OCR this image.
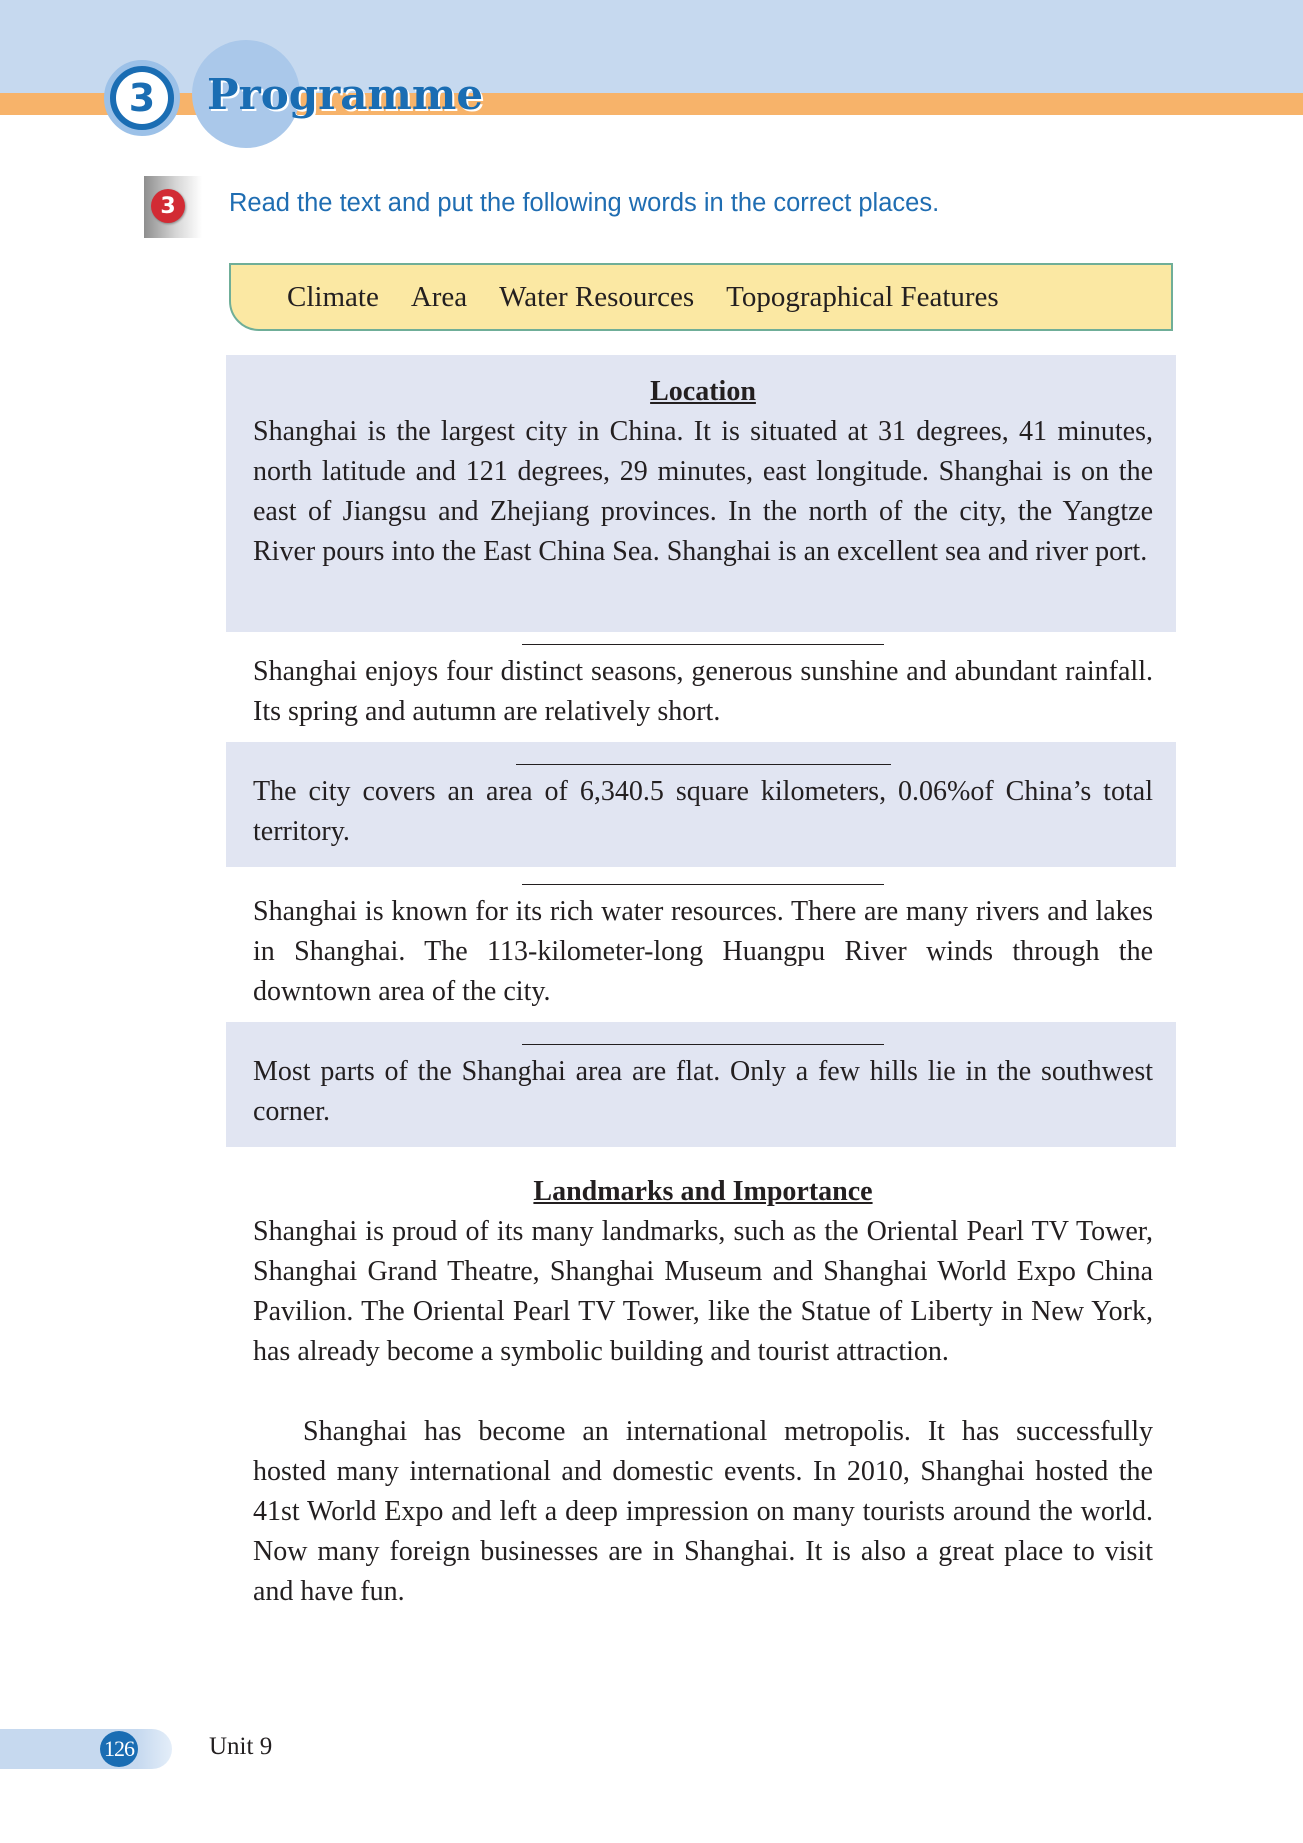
3	Programme
3	Read the text and put the following words in the correct places.

Climate Area Water Resources Topographical Features
Location

Shanghai is the largest city in China. It is situated at 31 degrees, 41 minutes, north latitude and 121 degrees, 29 minutes, east longitude. Shanghai is on the east of Jiangsu and Zhejiang provinces. In the north of the city, the Yangtze River pours into the East China Sea. Shanghai is an excellent sea and river port.

Shanghai enjoys four distinct seasons, generous sunshine and abundant rainfall. Its spring and autumn are relatively short.

The city covers an area of 6,340.5 square kilometers, 0.06%of China’s total territory.

Shanghai is known for its rich water resources. There are many rivers and lakes in Shanghai. The 113-kilometer-long Huangpu River winds through the downtown area of the city.

Most parts of the Shanghai area are flat. Only a few hills lie in the southwest corner.

Landmarks and Importance

Shanghai is proud of its many landmarks, such as the Oriental Pearl TV Tower, Shanghai Grand Theatre, Shanghai Museum and Shanghai World Expo China Pavilion. The Oriental Pearl TV Tower, like the Statue of Liberty in New York, has already become a symbolic building and tourist attraction.

Shanghai has become an international metropolis. It has successfully hosted many international and domestic events. In 2010, Shanghai hosted the 41st World Expo and left a deep impression on many tourists around the world. Now many foreign businesses are in Shanghai. It is also a great place to visit and have fun.

126	Unit 9
